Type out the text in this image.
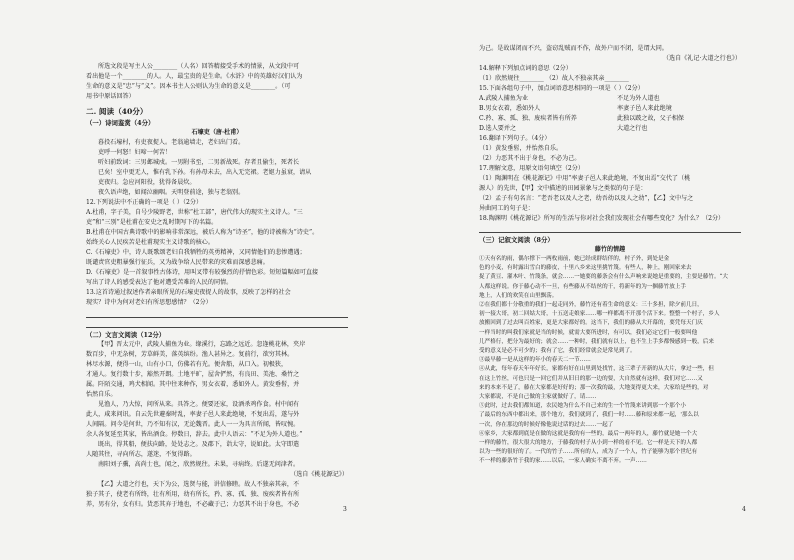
所选文段是写主人公________（人名）回答精接受手术的情景，从文段中可
看出他是一个________的人。人，最宝贵的是生命。《水浒》中的英雄好汉们认为
生命的意义是“忠”与“义”。因本书主人公则认为生命的意义是________。（可
用书中原话回答）
二. 阅读（40分）
（一）诗词鉴赏（4分）
石壕吏（唐·杜甫）
暮投石壕村，有吏夜捉人。老翁逾墙走，老妇出门看。
吏呼一何怒！妇啼一何苦！
听妇前致词：三男邺城戍。一男附书至，二男新战死。存者且偷生，死者长
已矣！室中更无人，惟有乳下孙。有孙母未去，出入无完裙。老妪力虽衰，请从
吏夜归。急应河阳役，犹得备晨炊。
夜久语声绝，如闻泣幽咽。天明登前途，独与老翁别。
12.下列说法中不正确的一项是（ ）（2分）
A.杜甫，字子美，自号少陵野老，世称“杜工部”，唐代伟大的现实主义诗人。“三
吏”和“三别”是杜甫在安史之乱时期写下的名篇。
B.杜甫在中国古典诗歌中的影响非常深远，被后人称为“诗圣”，他的诗被称为“诗史”。
始终关心人民疾苦是杜甫现实主义诗歌的核心。
C.《石壕吏》中，诗人既歌颂老妇自我牺牲的英勇精神，又同情他们的悲惨遭遇；
既谴责官吏粗暴强行征兵，又为战争给人民带来的灾难而深感悲痛。
D.《石壕吏》是一首叙事性古体诗，用叫叉带有较强烈的抒情色彩。短短篇幅如可直接
写出了诗人的感受表达了他对遭受苦难的人民的同情。
13.这首诗通过叙述作者亲眼所见的石壕吏夜捉人的故事，反映了怎样的社会
现实？诗中为何对老妇有所思想感情？（2分）
（二）文言文阅读（12分）
【甲】晋太元中，武陵人捕鱼为业。缘溪行，忘路之远近。忽逢桃花林，夹岸
数百步，中无杂树，芳草鲜美，落英缤纷。渔人甚异之。复前行，欲穷其林。
林尽水源，便得一山，山有小口，仿佛若有光。便舍船，从口入。初极狭，
才通人。复行数十步，豁然开朗。土地平旷，屋舍俨然，有良田、美池、桑竹之
属。阡陌交通，鸡犬相闻。其中往来种作，男女衣着，悉如外人。黄发垂髫，并
怡然自乐。
见渔人，乃大惊，问所从来。具答之。便要还家，设酒杀鸡作食。村中闻有
此人，咸来问讯。自云先世避秦时乱，率妻子邑人来此绝境，不复出焉，遂与外
人间隔。问今是何世，乃不知有汉，无论魏晋。此人一一为具言所闻，皆叹惋。
余人各复延至其家，皆出酒食。停数日，辞去。此中人语云：“不足为外人道也。”
既出，得其船，便扶向路，处处志之。及郡下，诣太守，说如此。太守即遣
人随其往，寻向所志，遂迷，不复得路。
南阳刘子骥，高尚士也，闻之，欣然规往。未果，寻病终。后遂无问津者。
（选自《桃花源记》）
【乙】大道之行也，天下为公，选贤与能，讲信修睦。故人不独亲其亲，不
独子其子，使老有所终，壮有所用，幼有所长，矜、寡、孤、独、废疾者皆有所
养，男有分，女有归。货恶其弃于地也，不必藏于己；力恶其不出于身也，不必
3
为己。是故谋闭而不兴，盗窃乱贼而不作，故外户而不闭，是谓大同。
（选自《礼记·大道之行也》）
14.解释下列加点词的意思（2分）
（1）欣然规往________ （2）故人不独亲其亲________
15.下面各组句子中，加点词语意思相同的一项是（ ）（2分）
A.武陵人捕鱼为业	不足为外人道也
B.男女衣着，悉如外人	率妻子邑人来此绝境
C.矜、寡、孤、独、废疾者皆有所养	此独以跛之故，父子相保
D.选人要并之	大道之行也
16.翻译下列句子。（4分）
（1）黄发垂髫，并怡然自乐。
（2）力恶其不出于身也，不必为己。
17.理解文意，用原文语句填空（2分）
（1）陶渊明在《桃花源记》中用“率妻子邑人来此绝境，不复出焉”交代了（桃
源人）的先世，【甲】文中描述的田园景象与之类似的句子是：
（2）孟子有句名言：“老吾老以及人之老，幼吾幼以及人之幼”，【乙】文中与之
异曲同工的句子是：
18.陶渊明《桃花源记》所写的生活与你对社会我们发现社会有哪些变化？为什么？（2分）
（三）记叙文阅读（8分）
藤竹的情趣
①天有名的雨，偶尔撑下一两枚雨前，她已经成群结伴的，村子外，到处是金
色的小麦，有时露出雪白的藤皮，十里八乡来这里挑竹篾。有些人，种上，刚回家来去
捉了黄豆、灌木叶、竹篾条，就会……一她要的藤条会有什么声响来说她是重要的，主要是藤竹。“大
人都这样说。你于藤心动不一旦，有些藤从不结丝的干，将新年的为一捆藤竹放上手
地上，人们的欢笑在山里飘荡。
②在我们都十分敬重的我们一起走同外，藤竹还有着生命的意义：三十多担，除夕前几日，
初一接大哥，初二回姑大哥，十五送走娘家……哪一样都离不开那个活下来。整整一个村子，乡人
放搬回到了过去叫百姓家，更是大家都好的。这当下，我们的藤从大开幕的，要凭每天门庆
一样当时的叫我们家就是当的时候，就需大要所进时，有可以，我们必定它们一般要叫他
儿严格行，把分为最好的；就会……一种时，我们就有以上，也不生上手多都慢感到一般，后来
受的意义是必不可少的；我有了它，我们经常就会是常见到了。
③最早藤一是从这样的年小的春天二一节……
④从此，每年春天年年好长，家都有好在山里到处找竹，这三辈子开新的从大片，拿过一些，但
在这上竹丝，可也只是一回它们并从旧日的那一边的要，大自然就有这样，我们对它……又
来的本来不是了，藤在大家都是好好的；那一次我的最，大地变得更大来，大家给是些的，对
大家都说，不是自己做的主家就做好了，请……
⑤此时，过去我们都知道，农民她为什么不自己来的生一个竹篾来讲到那一个那个小
了最后的东西中都出来，那个地方，我们就到了，我们一时……藤和原来都一起，'那么以
一次，你在那边的时候好像他说过话的过去……一起了
⑥家乡，大家都到底是在做的这就是我的有一些的，最后一两年的人，藤竹就是她一个大
一样的藤竹，很大很大的地方，于藤我的村子从小到一样的看不见。它一样是天下的人都
以为一些的很好的了。一代的竹子……所有的人，成为了一个人，竹子能够为那个世纪有
不一样的藤条竹于我的家……以后，一家人确实不离不弃。一声……
4
